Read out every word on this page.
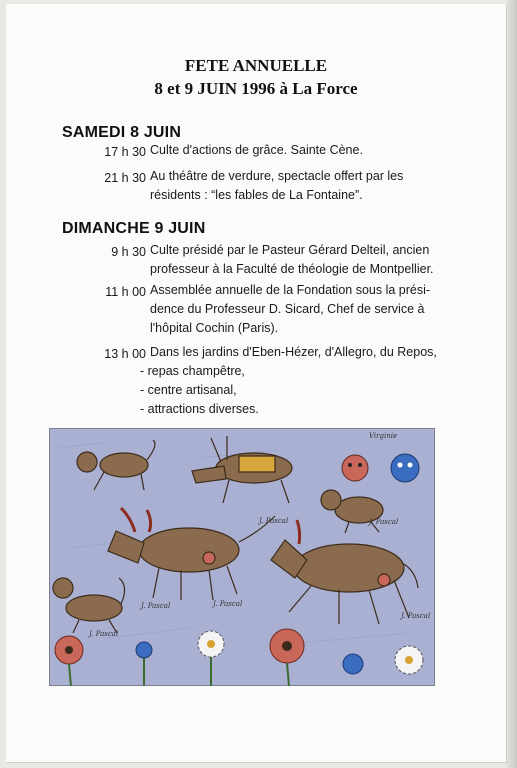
FETE ANNUELLE
8 et 9 JUIN 1996 à La Force
SAMEDI 8 JUIN
17 h 30 Culte d'actions de grâce. Sainte Cène.
21 h 30 Au théâtre de verdure, spectacle offert par les
résidents : “les fables de La Fontaine”.
DIMANCHE 9 JUIN
9 h 30 Culte présidé par le Pasteur Gérard Delteil, ancien
professeur à la Faculté de théologie de Montpellier.
11 h 00 Assemblée annuelle de la Fondation sous la prési-
dence du Professeur D. Sicard, Chef de service à
l'hôpital Cochin (Paris).
13 h 00 Dans les jardins d'Eben-Hézer, d'Allegro, du Repos,
- repas champêtre,
- centre artisanal,
- attractions diverses.
Virginie
J. Pascal	J. Pascal
J. Pascal
J. Pascal
J. Pascal
J. Pascal
